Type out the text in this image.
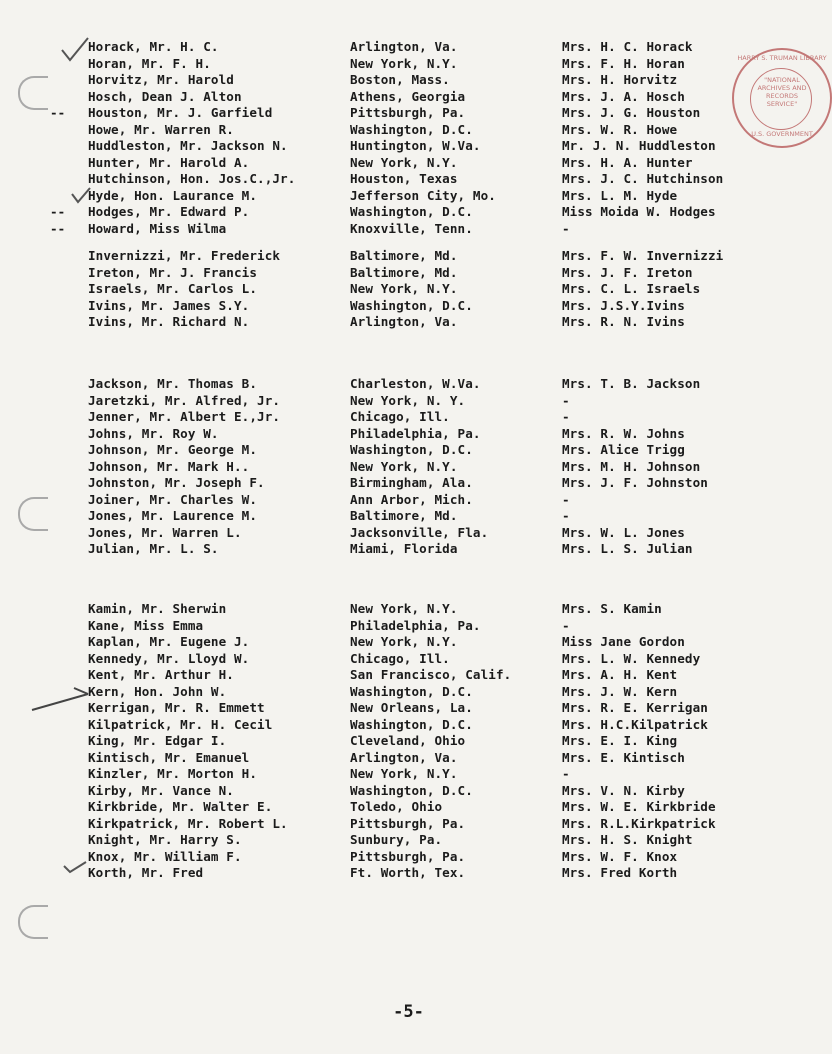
HARRY S. TRUMAN LIBRARY
"NATIONAL
ARCHIVES AND
RECORDS
SERVICE"
U.S. GOVERNMENT
Horack, Mr. H. C.	Arlington, Va.	Mrs. H. C. Horack
Horan, Mr. F. H.	New York, N.Y.	Mrs. F. H. Horan
Horvitz, Mr. Harold	Boston, Mass.	Mrs. H. Horvitz
Hosch, Dean J. Alton	Athens, Georgia	Mrs. J. A. Hosch
--	Houston, Mr. J. Garfield	Pittsburgh, Pa.	Mrs. J. G. Houston
Howe, Mr. Warren R.	Washington, D.C.	Mrs. W. R. Howe
Huddleston, Mr. Jackson N.	Huntington, W.Va.	Mr. J. N. Huddleston
Hunter, Mr. Harold A.	New York, N.Y.	Mrs. H. A. Hunter
Hutchinson, Hon. Jos.C.,Jr.	Houston, Texas	Mrs. J. C. Hutchinson
Hyde, Hon. Laurance M.	Jefferson City, Mo.	Mrs. L. M. Hyde
--	Hodges, Mr. Edward P.	Washington, D.C.	Miss Moida W. Hodges
--	Howard, Miss Wilma	Knoxville, Tenn.	-
Invernizzi, Mr. Frederick	Baltimore, Md.	Mrs. F. W. Invernizzi
Ireton, Mr. J. Francis	Baltimore, Md.	Mrs. J. F. Ireton
Israels, Mr. Carlos L.	New York, N.Y.	Mrs. C. L. Israels
Ivins, Mr. James S.Y.	Washington, D.C.	Mrs. J.S.Y.Ivins
Ivins, Mr. Richard N.	Arlington, Va.	Mrs. R. N. Ivins
Jackson, Mr. Thomas B.	Charleston, W.Va.	Mrs. T. B. Jackson
Jaretzki, Mr. Alfred, Jr.	New York, N. Y.	-
Jenner, Mr. Albert E.,Jr.	Chicago, Ill.	-
Johns, Mr. Roy W.	Philadelphia, Pa.	Mrs. R. W. Johns
Johnson, Mr. George M.	Washington, D.C.	Mrs. Alice Trigg
Johnson, Mr. Mark H..	New York, N.Y.	Mrs. M. H. Johnson
Johnston, Mr. Joseph F.	Birmingham, Ala.	Mrs. J. F. Johnston
Joiner, Mr. Charles W.	Ann Arbor, Mich.	-
Jones, Mr. Laurence M.	Baltimore, Md.	-
Jones, Mr. Warren L.	Jacksonville, Fla.	Mrs. W. L. Jones
Julian, Mr. L. S.	Miami, Florida	Mrs. L. S. Julian
Kamin, Mr. Sherwin	New York, N.Y.	Mrs. S. Kamin
Kane, Miss Emma	Philadelphia, Pa.	-
Kaplan, Mr. Eugene J.	New York, N.Y.	Miss Jane Gordon
Kennedy, Mr. Lloyd W.	Chicago, Ill.	Mrs. L. W. Kennedy
Kent, Mr. Arthur H.	San Francisco, Calif.	Mrs. A. H. Kent
Kern, Hon. John W.	Washington, D.C.	Mrs. J. W. Kern
Kerrigan, Mr. R. Emmett	New Orleans, La.	Mrs. R. E. Kerrigan
Kilpatrick, Mr. H. Cecil	Washington, D.C.	Mrs. H.C.Kilpatrick
King, Mr. Edgar I.	Cleveland, Ohio	Mrs. E. I. King
Kintisch, Mr. Emanuel	Arlington, Va.	Mrs. E. Kintisch
Kinzler, Mr. Morton H.	New York, N.Y.	-
Kirby, Mr. Vance N.	Washington, D.C.	Mrs. V. N. Kirby
Kirkbride, Mr. Walter E.	Toledo, Ohio	Mrs. W. E. Kirkbride
Kirkpatrick, Mr. Robert L.	Pittsburgh, Pa.	Mrs. R.L.Kirkpatrick
Knight, Mr. Harry S.	Sunbury, Pa.	Mrs. H. S. Knight
Knox, Mr. William F.	Pittsburgh, Pa.	Mrs. W. F. Knox
Korth, Mr. Fred	Ft. Worth, Tex.	Mrs. Fred Korth
-5-
